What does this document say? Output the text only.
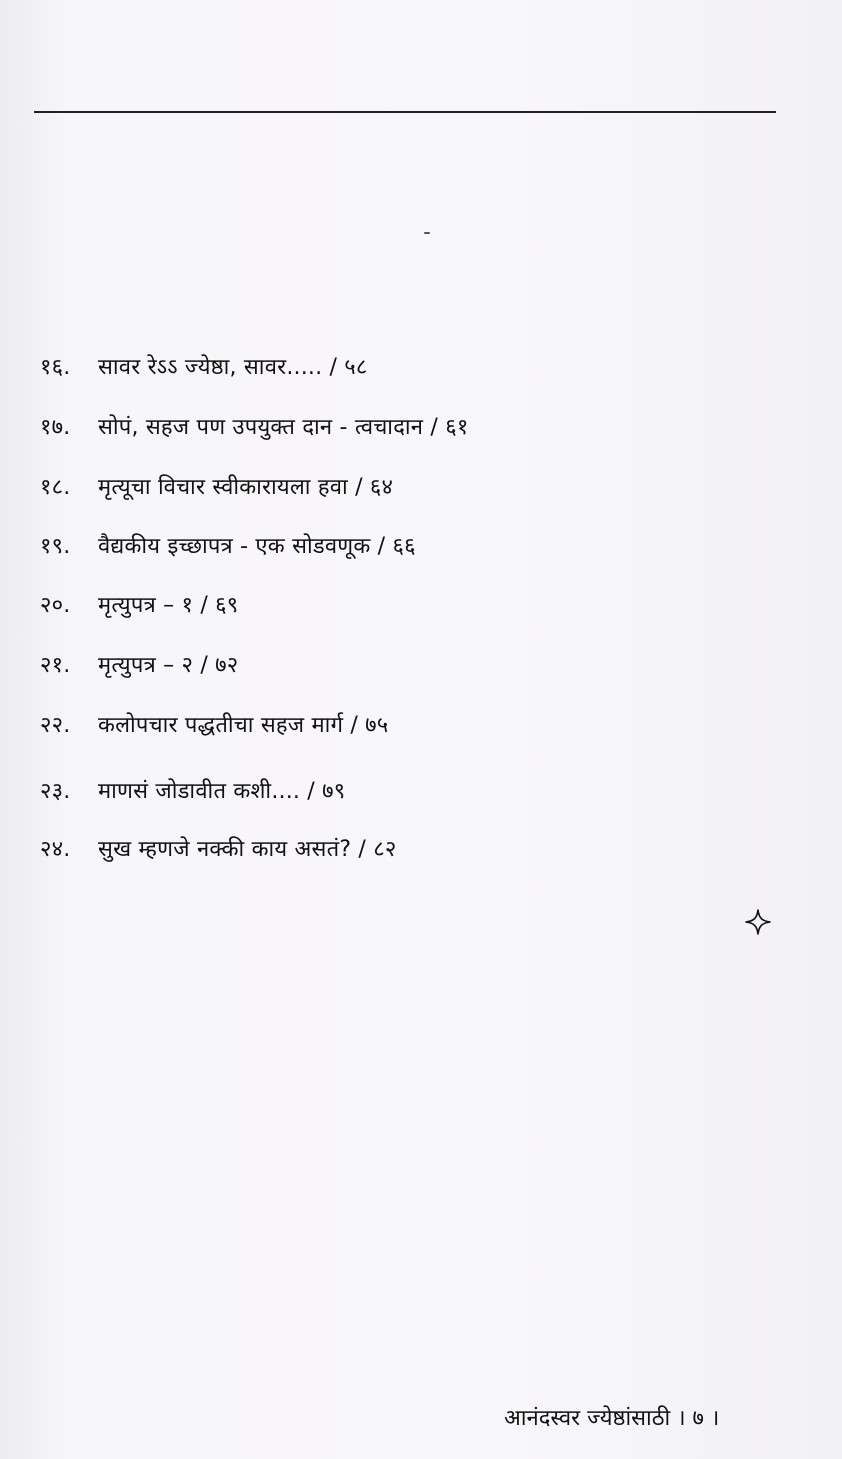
१६.	सावर रेऽऽ ज्येष्ठा, सावर..... / ५८
१७.	सोपं, सहज पण उपयुक्त दान - त्वचादान / ६१
१८.	मृत्यूचा विचार स्वीकारायला हवा / ६४
१९.	वैद्यकीय इच्छापत्र - एक सोडवणूक / ६६
२०.	मृत्युपत्र – १ / ६९
२१.	मृत्युपत्र – २ / ७२
२२.	कलोपचार पद्धतीचा सहज मार्ग / ७५
२३.	माणसं जोडावीत कशी.... / ७९
२४.	सुख म्हणजे नक्की काय असतं? / ८२
आनंदस्वर ज्येष्ठांसाठी । ७ ।
